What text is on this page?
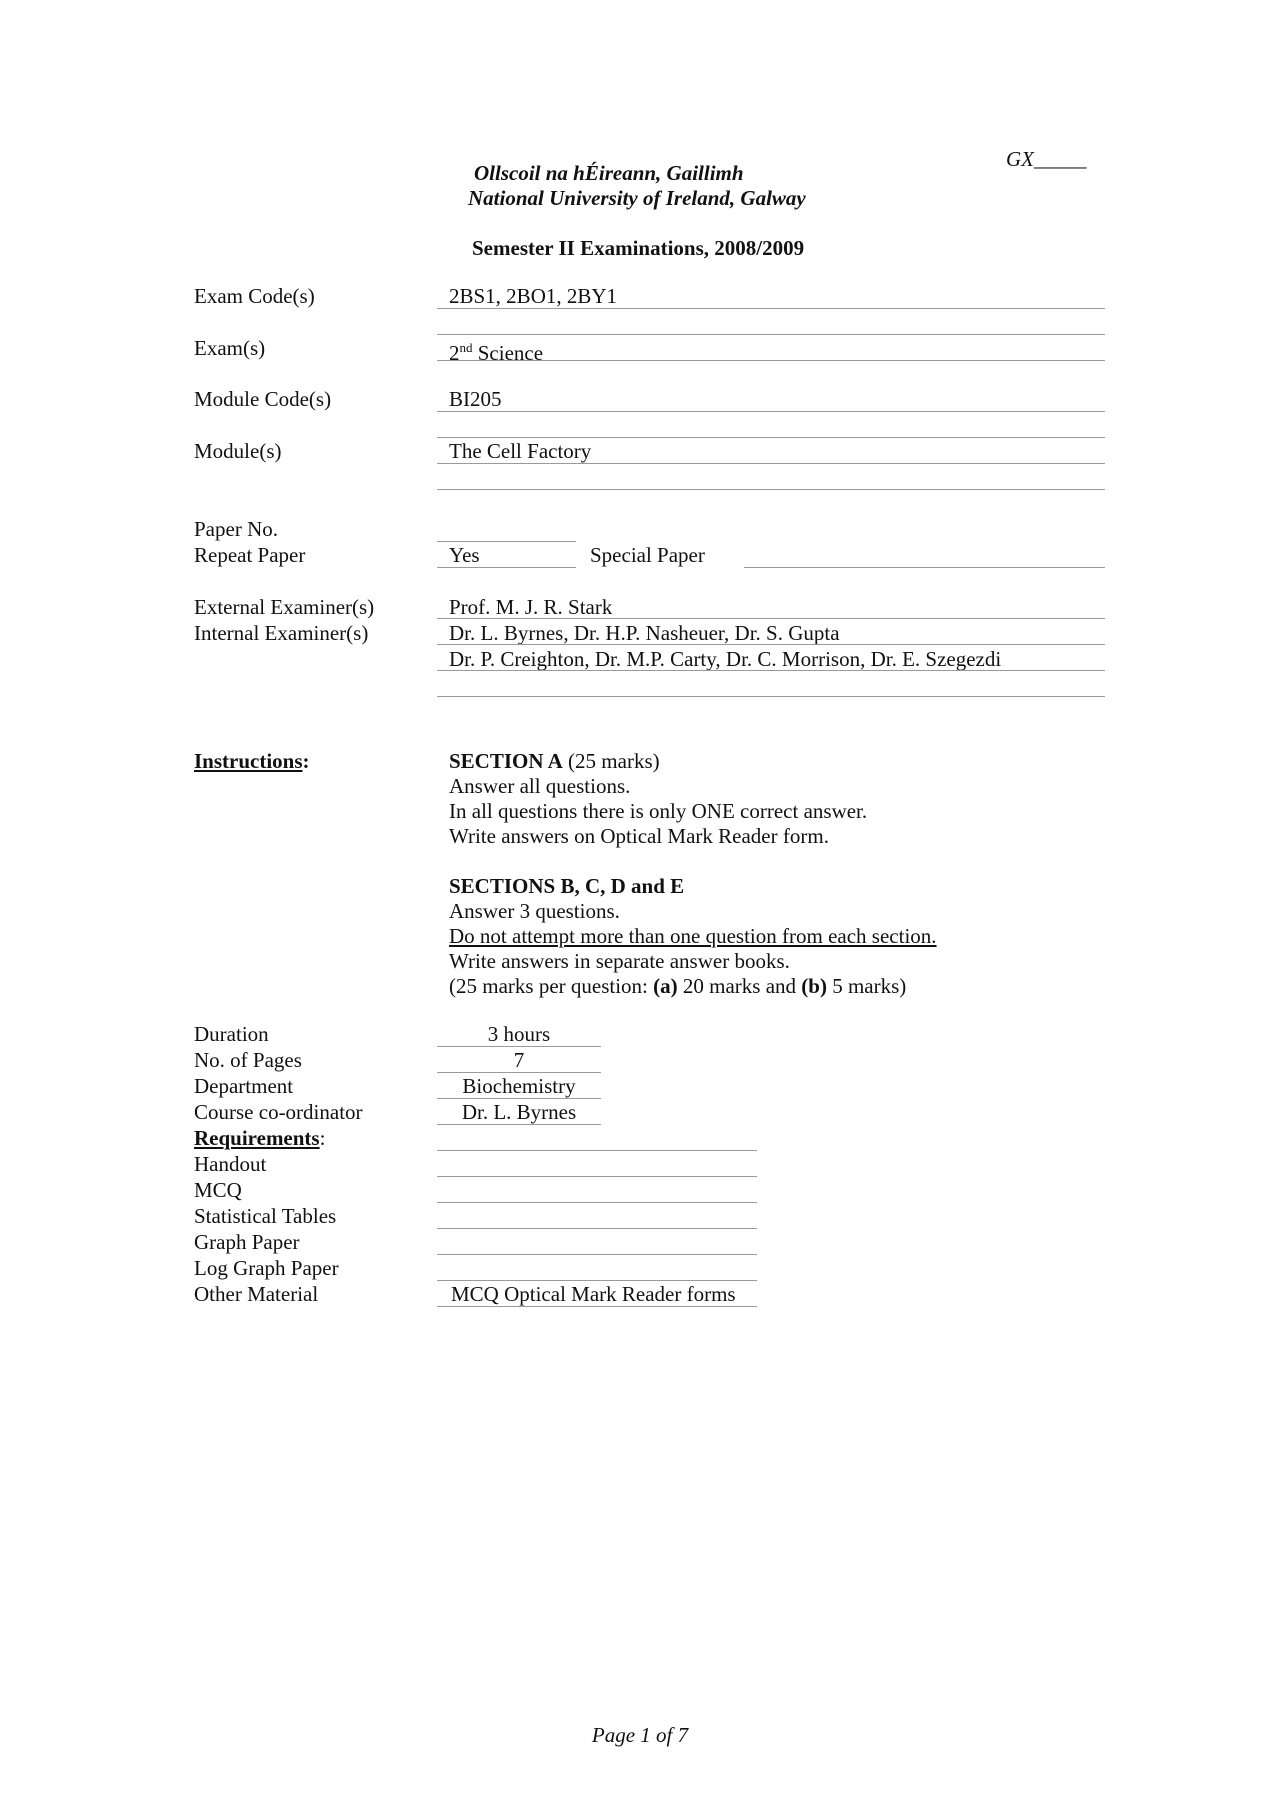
GX_____
Ollscoil na hÉireann, Gaillimh
National University of Ireland, Galway
Semester II Examinations, 2008/2009
Exam Code(s)	2BS1, 2BO1, 2BY1
Exam(s)	2nd Science
Module Code(s)	BI205
Module(s)	The Cell Factory
Paper No.
Repeat Paper	Yes	Special Paper
External Examiner(s)	Prof. M. J. R. Stark
Internal Examiner(s)	Dr. L. Byrnes, Dr. H.P. Nasheuer, Dr. S. Gupta
Dr. P. Creighton, Dr. M.P. Carty, Dr. C. Morrison, Dr. E. Szegezdi
Instructions:	SECTION A (25 marks)
Answer all questions.
In all questions there is only ONE correct answer.
Write answers on Optical Mark Reader form.
SECTIONS B, C, D and E
Answer 3 questions.
Do not attempt more than one question from each section.
Write answers in separate answer books.
(25 marks per question: (a) 20 marks and (b) 5 marks)
Duration	3 hours
No. of Pages	7
Department	Biochemistry
Course co-ordinator	Dr. L. Byrnes
Requirements:
Handout
MCQ
Statistical Tables
Graph Paper
Log Graph Paper
Other Material	MCQ Optical Mark Reader forms
Page 1 of 7
